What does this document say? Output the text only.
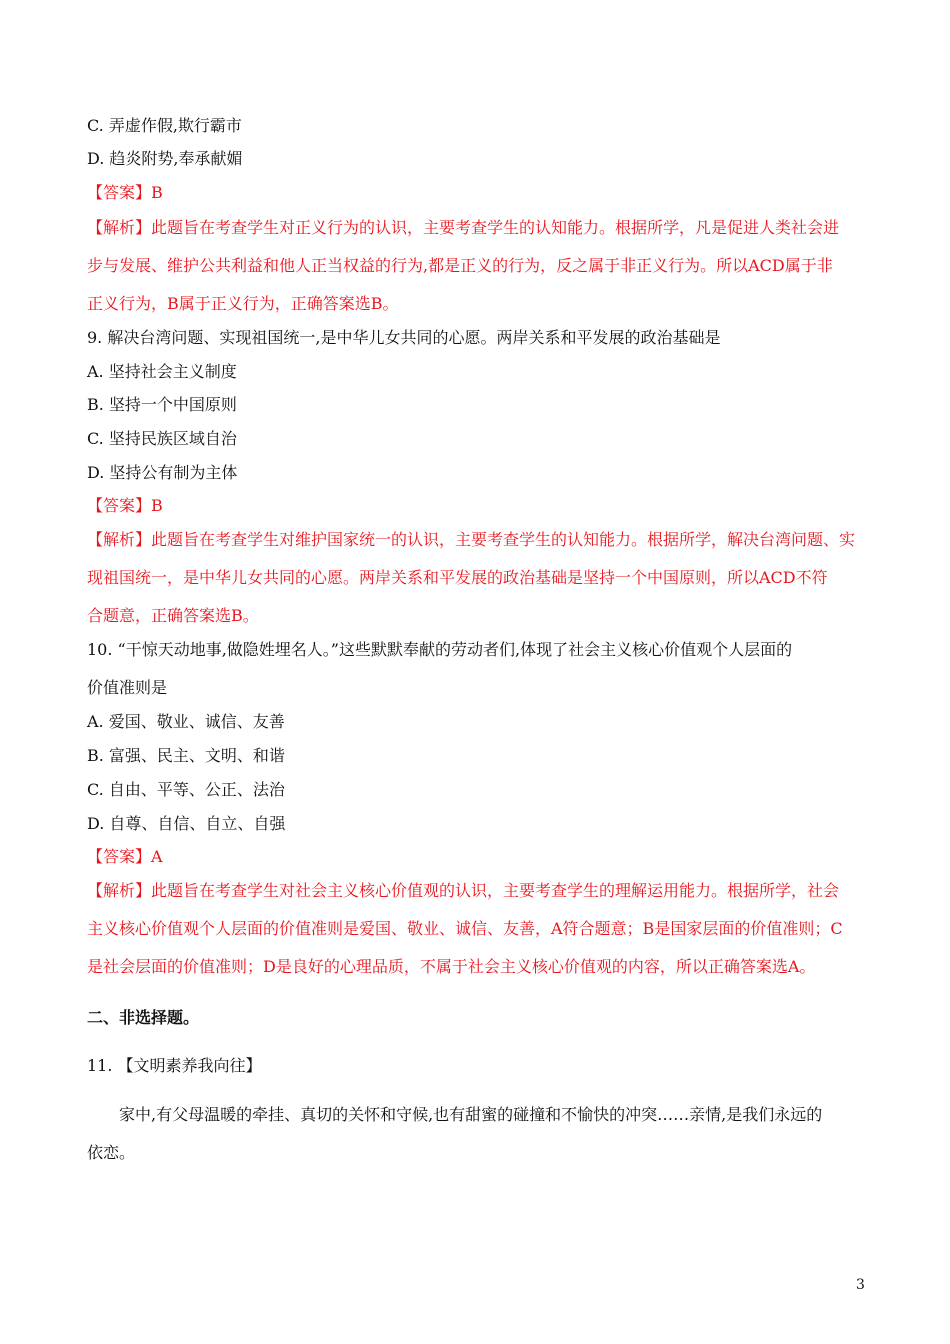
C. 弄虚作假,欺行霸市
D. 趋炎附势,奉承献媚
【答案】B
【解析】此题旨在考查学生对正义行为的认识，主要考查学生的认知能力。根据所学，凡是促进人类社会进
步与发展、维护公共利益和他人正当权益的行为,都是正义的行为，反之属于非正义行为。所以ACD属于非
正义行为，B属于正义行为，正确答案选B。
9. 解决台湾问题、实现祖国统一,是中华儿女共同的心愿。两岸关系和平发展的政治基础是
A. 坚持社会主义制度
B. 坚持一个中国原则
C. 坚持民族区域自治
D. 坚持公有制为主体
【答案】B
【解析】此题旨在考查学生对维护国家统一的认识，主要考查学生的认知能力。根据所学，解决台湾问题、实
现祖国统一，是中华儿女共同的心愿。两岸关系和平发展的政治基础是坚持一个中国原则，所以ACD不符
合题意，正确答案选B。
10. “干惊天动地事,做隐姓埋名人。”这些默默奉献的劳动者们,体现了社会主义核心价值观个人层面的
价值准则是
A. 爱国、敬业、诚信、友善
B. 富强、民主、文明、和谐
C. 自由、平等、公正、法治
D. 自尊、自信、自立、自强
【答案】A
【解析】此题旨在考查学生对社会主义核心价值观的认识，主要考查学生的理解运用能力。根据所学，社会
主义核心价值观个人层面的价值准则是爱国、敬业、诚信、友善，A符合题意；B是国家层面的价值准则；C
是社会层面的价值准则；D是良好的心理品质，不属于社会主义核心价值观的内容，所以正确答案选A。
二、非选择题。
11. 【文明素养我向往】
家中,有父母温暖的牵挂、真切的关怀和守候,也有甜蜜的碰撞和不愉快的冲突……亲情,是我们永远的
依恋。
3
